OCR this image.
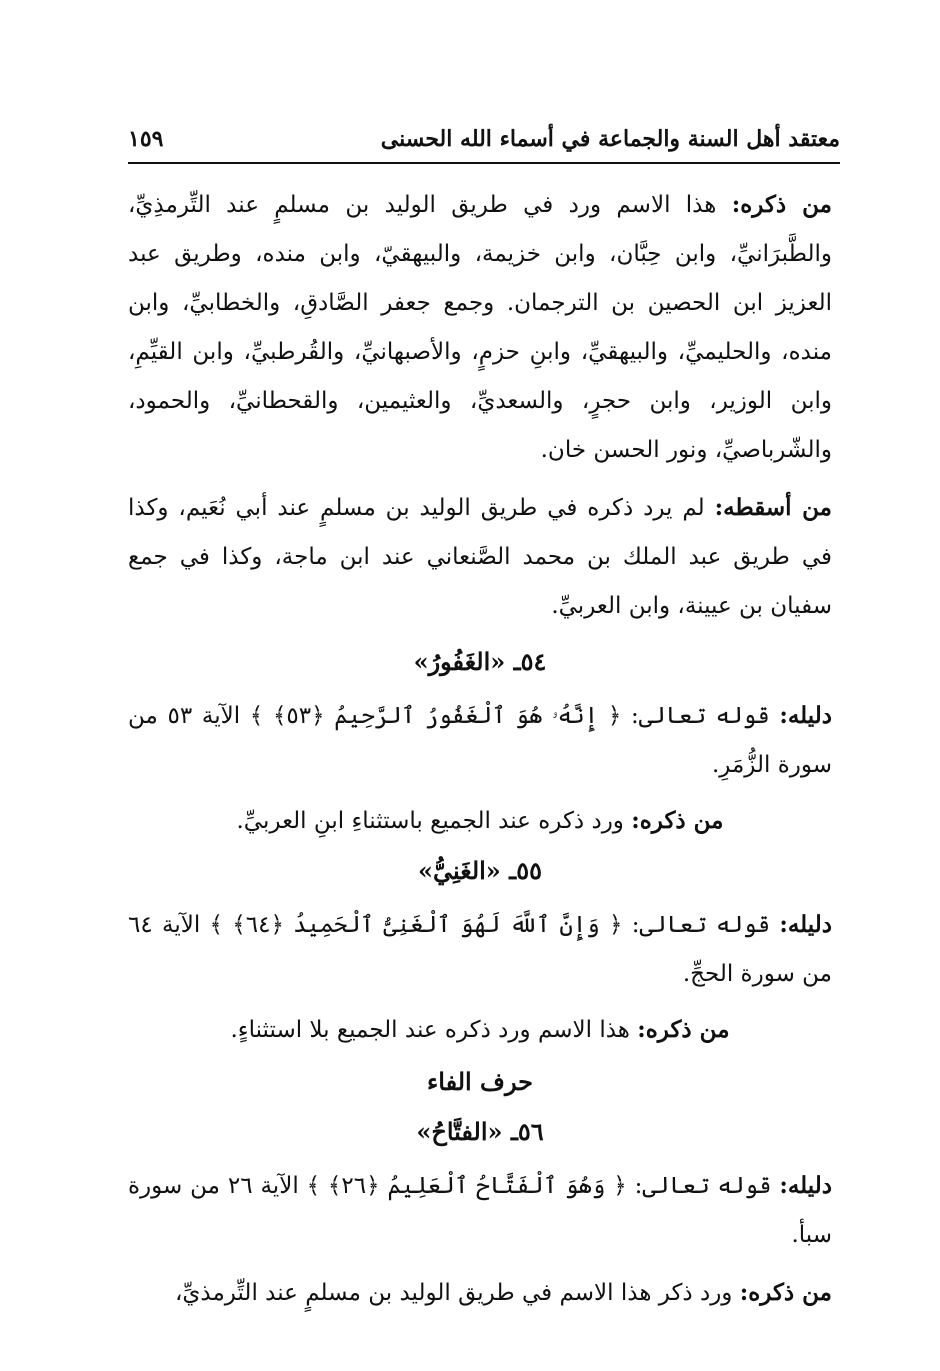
معتقد أهل السنة والجماعة في أسماء الله الحسنى
١٥٩

من ذكره: هذا الاسم ورد في طريق الوليد بن مسلمٍ عند التِّرمذِيِّ، والطَّبرَانيِّ، وابن حِبَّان، وابن خزيمة، والبيهقيّ، وابن منده، وطريق عبد العزيز ابن الحصين بن الترجمان. وجمع جعفر الصَّادقِ، والخطابيِّ، وابن منده، والحليميِّ، والبيهقيِّ، وابنِ حزمٍ، والأصبهانيِّ، والقُرطبيِّ، وابن القيِّمِ، وابن الوزير، وابن حجرٍ، والسعديِّ، والعثيمين، والقحطانيِّ، والحمود، والشّرباصيِّ، ونور الحسن خان.

من أسقطه: لم يرد ذكره في طريق الوليد بن مسلمٍ عند أبي نُعَيم، وكذا في طريق عبد الملك بن محمد الصَّنعاني عند ابن ماجة، وكذا في جمع سفيان بن عيينة، وابن العربيِّ.

٥٤ـ «الغَفُورُ»

دليله: قوله تعالى: ﴿ إِنَّهُۥ هُوَ ٱلْغَفُورُ ٱلرَّحِيمُ ﴿٥٣﴾ ﴾ الآية ٥٣ من سورة الزُّمَرِ.

من ذكره: ورد ذكره عند الجميع باستثناءِ ابنِ العربيِّ.

٥٥ـ «الغَنِيُّ»

دليله: قوله تعالى: ﴿ وَإِنَّ ٱللَّهَ لَهُوَ ٱلْغَنِىُّ ٱلْحَمِيدُ ﴿٦٤﴾ ﴾ الآية ٦٤ من سورة الحجِّ.

من ذكره: هذا الاسم ورد ذكره عند الجميع بلا استثناءٍ.

حرف الفاء
٥٦ـ «الفتَّاحُ»

دليله: قوله تعالى: ﴿ وَهُوَ ٱلْفَتَّاحُ ٱلْعَلِيمُ ﴿٢٦﴾ ﴾ الآية ٢٦ من سورة سبأ.

من ذكره: ورد ذكر هذا الاسم في طريق الوليد بن مسلمٍ عند التِّرمذيِّ،
